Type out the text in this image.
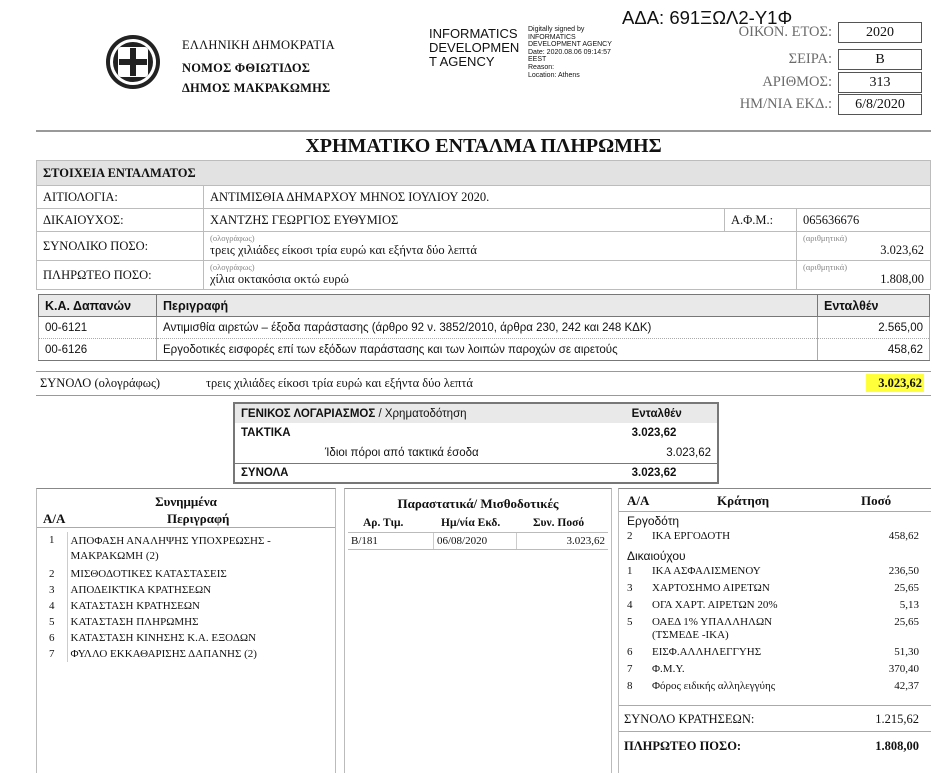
ΕΛΛΗΝΙΚΗ ΔΗΜΟΚΡΑΤΙΑ
ΝΟΜΟΣ ΦΘΙΩΤΙΔΟΣ
ΔΗΜΟΣ ΜΑΚΡΑΚΩΜΗΣ
INFORMATICS
DEVELOPMEN
T AGENCY
Digitally signed by
INFORMATICS
DEVELOPMENT AGENCY
Date: 2020.08.06 09:14:57
EEST
Reason:
Location: Athens
ΑΔΑ: 691ΞΩΛ2-Υ1Φ
ΟΙΚΟΝ. ΕΤΟΣ:	2020
ΣΕΙΡΑ:	Β
ΑΡΙΘΜΟΣ:	313
ΗΜ/ΝΙΑ ΕΚΔ.:	6/8/2020
ΧΡΗΜΑΤΙΚΟ ΕΝΤΑΛΜΑ ΠΛΗΡΩΜΗΣ
ΣΤΟΙΧΕΙΑ ΕΝΤΑΛΜΑΤΟΣ			
ΑΙΤΙΟΛΟΓΙΑ:	ΑΝΤΙΜΙΣΘΙΑ ΔΗΜΑΡΧΟΥ ΜΗΝΟΣ ΙΟΥΛΙΟΥ 2020.		
ΔΙΚΑΙΟΥΧΟΣ:	ΧΑΝΤΖΗΣ ΓΕΩΡΓΙΟΣ ΕΥΘΥΜΙΟΣ	Α.Φ.Μ.:	065636676
ΣΥΝΟΛΙΚΟ ΠΟΣΟ:	(ολογράφως)
τρεις χιλιάδες είκοσι τρία ευρώ και εξήντα δύο λεπτά		(αριθμητικά)
3.023,62

ΠΛΗΡΩΤΕΟ ΠΟΣΟ:	(ολογράφως)
χίλια οκτακόσια οκτώ ευρώ		(αριθμητικά)
1.808,00
Κ.Α. Δαπανών	Περιγραφή	Ενταλθέν
00-6121	Αντιμισθία αιρετών – έξοδα παράστασης (άρθρο 92 ν. 3852/2010, άρθρα 230, 242 και 248 ΚΔΚ)	2.565,00
00-6126	Εργοδοτικές εισφορές επί των εξόδων παράστασης και των λοιπών παροχών σε αιρετούς	458,62
ΣΥΝΟΛΟ (ολογράφως)	τρεις χιλιάδες είκοσι τρία ευρώ και εξήντα δύο λεπτά	3.023,62
ΓΕΝΙΚΟΣ ΛΟΓΑΡΙΑΣΜΟΣ / Χρηματοδότηση	Ενταλθέν
ΤΑΚΤΙΚΑ	3.023,62
Ίδιοι πόροι από τακτικά έσοδα	3.023,62
ΣΥΝΟΛΑ	3.023,62
Συνημμένα
Α/Α	Περιγραφή
1	ΑΠΟΦΑΣΗ ΑΝΑΛΗΨΗΣ ΥΠΟΧΡΕΩΣΗΣ -
ΜΑΚΡΑΚΩΜΗ (2)
2	ΜΙΣΘΟΔΟΤΙΚΕΣ ΚΑΤΑΣΤΑΣΕΙΣ
3	ΑΠΟΔΕΙΚΤΙΚΑ ΚΡΑΤΗΣΕΩΝ
4	ΚΑΤΑΣΤΑΣΗ ΚΡΑΤΗΣΕΩΝ
5	ΚΑΤΑΣΤΑΣΗ ΠΛΗΡΩΜΗΣ
6	ΚΑΤΑΣΤΑΣΗ ΚΙΝΗΣΗΣ Κ.Α. ΕΞΟΔΩΝ
7	ΦΥΛΛΟ ΕΚΚΑΘΑΡΙΣΗΣ ΔΑΠΑΝΗΣ (2)
Παραστατικά/ Μισθοδοτικές
Αρ. Τιμ.	Ημ/νία Εκδ.	Συν. Ποσό
Β/181	06/08/2020	3.023,62
Α/Α	Κράτηση	Ποσό
Εργοδότη
2	ΙΚΑ ΕΡΓΟΔΟΤΗ	458,62
Δικαιούχου
1	ΙΚΑ ΑΣΦΑΛΙΣΜΕΝΟΥ	236,50
3	ΧΑΡΤΟΣΗΜΟ ΑΙΡΕΤΩΝ	25,65
4	ΟΓΑ ΧΑΡΤ. ΑΙΡΕΤΩΝ 20%	5,13
5	ΟΑΕΔ 1% ΥΠΑΛΛΗΛΩΝ
(ΤΣΜΕΔΕ -ΙΚΑ)	25,65
6	ΕΙΣΦ.ΑΛΛΗΛΕΓΓΥΗΣ	51,30
7	Φ.Μ.Υ.	370,40
8	Φόρος ειδικής αλληλεγγύης	42,37
ΣΥΝΟΛΟ ΚΡΑΤΗΣΕΩΝ:	1.215,62
ΠΛΗΡΩΤΕΟ ΠΟΣΟ:	1.808,00
